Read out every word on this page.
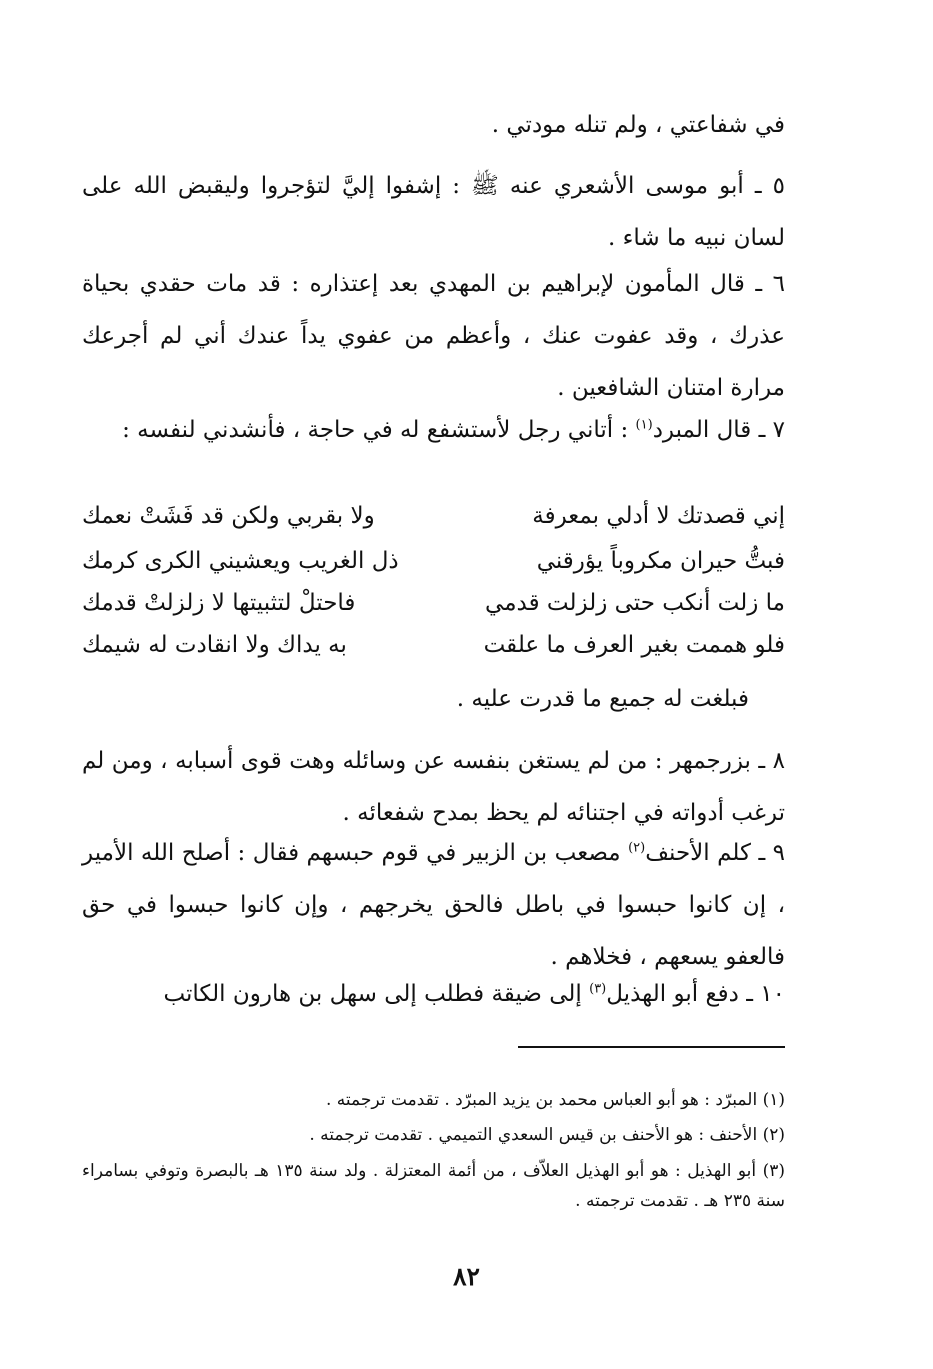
في شفاعتي ، ولم تنله مودتي .
٥ ـ أبو موسى الأشعري عنه ﷺ : إشفوا إليَّ لتؤجروا وليقبض الله على لسان نبيه ما شاء .
٦ ـ قال المأمون لإبراهيم بن المهدي بعد إعتذاره : قد مات حقدي بحياة عذرك ، وقد عفوت عنك ، وأعظم من عفوي يداً عندك أني لم أجرعك مرارة امتنان الشافعين .
٧ ـ قال المبرد$^{(١)}$ : أتاني رجل لأستشفع له في حاجة ، فأنشدني لنفسه :
إني قصدتك لا أدلي بمعرفة
ولا بقربي ولكن قد فَشَتْ نعمك
فبتُّ حيران مكروباً يؤرقني
ذل الغريب ويعشيني الكرى كرمك
ما زلت أنكب حتى زلزلت قدمي
فاحتلْ لتثبيتها لا زلزلتْ قدمك
فلو هممت بغير العرف ما علقت
به يداك ولا انقادت له شيمك
فبلغت له جميع ما قدرت عليه .
٨ ـ بزرجمهر : من لم يستغن بنفسه عن وسائله وهت قوى أسبابه ، ومن لم ترغب أدواته في اجتنائه لم يحظ بمدح شفعائه .
٩ ـ كلم الأحنف$^{(٢)}$ مصعب بن الزبير في قوم حبسهم فقال : أصلح الله الأمير ، إن كانوا حبسوا في باطل فالحق يخرجهم ، وإن كانوا حبسوا في حق فالعفو يسعهم ، فخلاهم .
١٠ ـ دفع أبو الهذيل$^{(٣)}$ إلى ضيقة فطلب إلى سهل بن هارون الكاتب
(١) المبرّد : هو أبو العباس محمد بن يزيد المبرّد . تقدمت ترجمته .
(٢) الأحنف : هو الأحنف بن قيس السعدي التميمي . تقدمت ترجمته .
(٣) أبو الهذيل : هو أبو الهذيل العلاّف ، من أئمة المعتزلة . ولد سنة ١٣٥ هـ بالبصرة وتوفي بسامراء سنة ٢٣٥ هـ . تقدمت ترجمته .
٨٢
